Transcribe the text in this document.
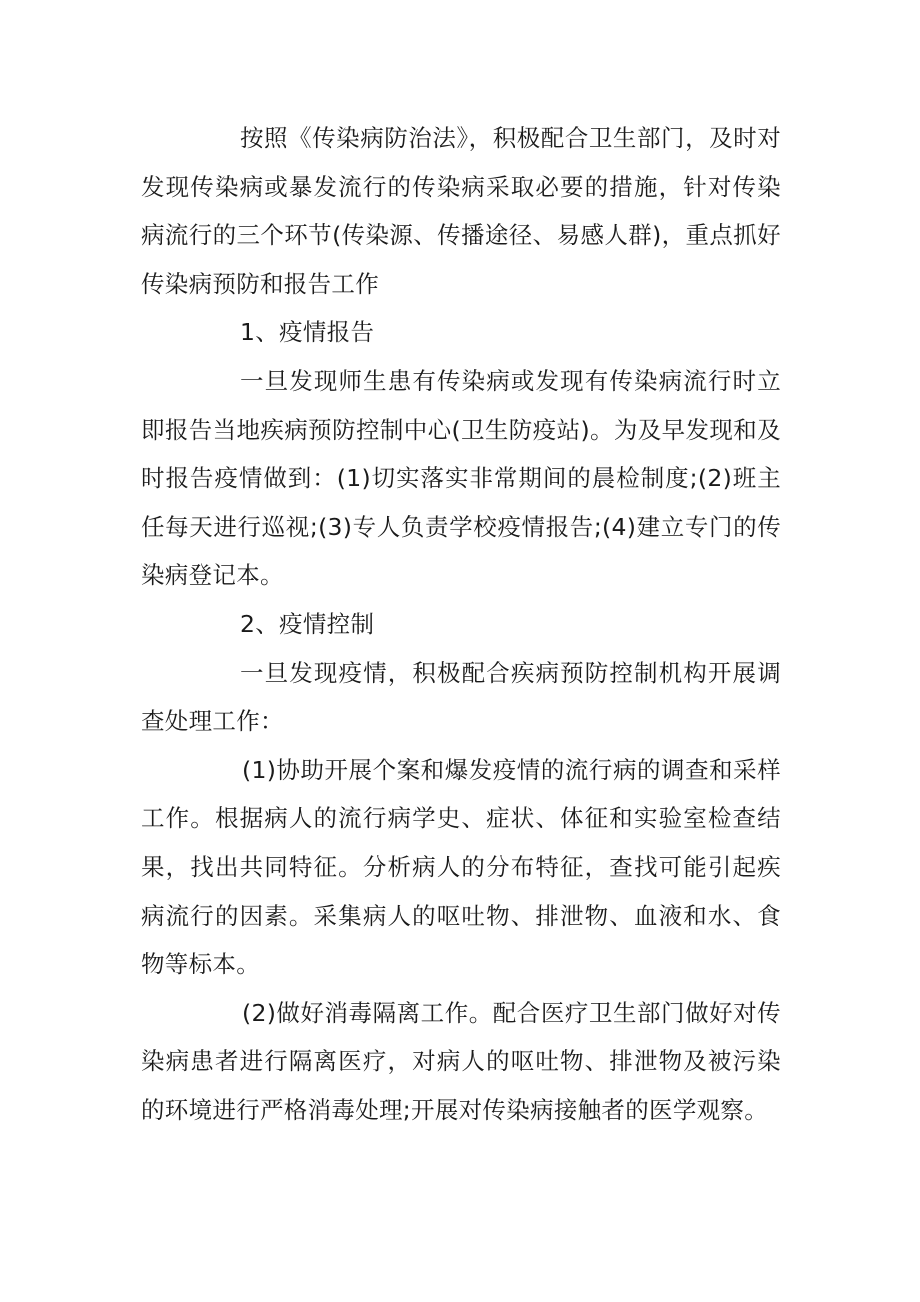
按照《传染病防治法》，积极配合卫生部门，及时对发现传染病或暴发流行的传染病采取必要的措施，针对传染病流行的三个环节(传染源、传播途径、易感人群)，重点抓好传染病预防和报告工作

1、疫情报告

一旦发现师生患有传染病或发现有传染病流行时立即报告当地疾病预防控制中心(卫生防疫站)。为及早发现和及时报告疫情做到：(1)切实落实非常期间的晨检制度;(2)班主任每天进行巡视;(3)专人负责学校疫情报告;(4)建立专门的传染病登记本。

2、疫情控制

一旦发现疫情，积极配合疾病预防控制机构开展调查处理工作：

(1)协助开展个案和爆发疫情的流行病的调查和采样工作。根据病人的流行病学史、症状、体征和实验室检查结果，找出共同特征。分析病人的分布特征，查找可能引起疾病流行的因素。采集病人的呕吐物、排泄物、血液和水、食物等标本。

(2)做好消毒隔离工作。配合医疗卫生部门做好对传染病患者进行隔离医疗，对病人的呕吐物、排泄物及被污染的环境进行严格消毒处理;开展对传染病接触者的医学观察。
